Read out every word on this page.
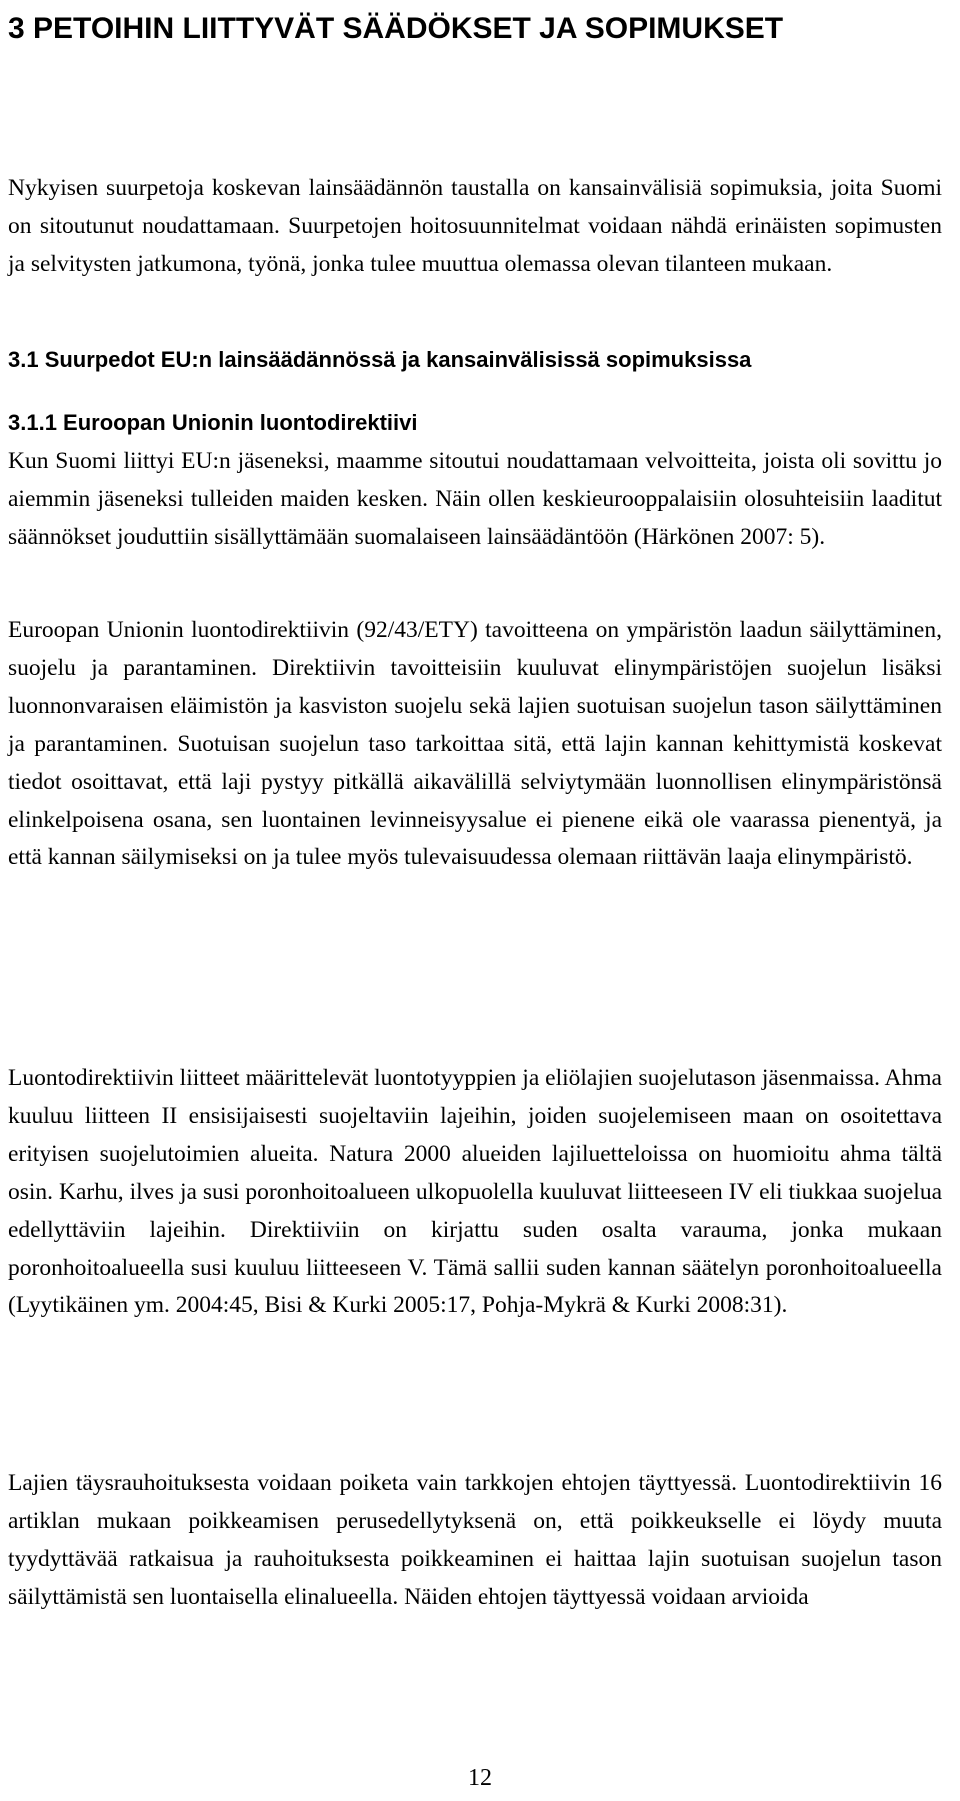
3 PETOIHIN LIITTYVÄT SÄÄDÖKSET JA SOPIMUKSET

Nykyisen suurpetoja koskevan lainsäädännön taustalla on kansainvälisiä sopimuksia, joita Suomi on sitoutunut noudattamaan. Suurpetojen hoitosuunnitelmat voidaan nähdä erinäisten sopimusten ja selvitysten jatkumona, työnä, jonka tulee muuttua olemassa olevan tilanteen mukaan.

3.1 Suurpedot EU:n lainsäädännössä ja kansainvälisissä sopimuksissa
3.1.1 Euroopan Unionin luontodirektiivi

Kun Suomi liittyi EU:n jäseneksi, maamme sitoutui noudattamaan velvoitteita, joista oli sovittu jo aiemmin jäseneksi tulleiden maiden kesken. Näin ollen keskieurooppalaisiin olosuhteisiin laaditut säännökset jouduttiin sisällyttämään suomalaiseen lainsäädäntöön (Härkönen 2007: 5).

Euroopan Unionin luontodirektiivin (92/43/ETY) tavoitteena on ympäristön laadun säilyttäminen, suojelu ja parantaminen. Direktiivin tavoitteisiin kuuluvat elinympäristöjen suojelun lisäksi luonnonvaraisen eläimistön ja kasviston suojelu sekä lajien suotuisan suojelun tason säilyttäminen ja parantaminen. Suotuisan suojelun taso tarkoittaa sitä, että lajin kannan kehittymistä koskevat tiedot osoittavat, että laji pystyy pitkällä aikavälillä selviytymään luonnollisen elinympäristönsä elinkelpoisena osana, sen luontainen levinneisyysalue ei pienene eikä ole vaarassa pienentyä, ja että kannan säilymiseksi on ja tulee myös tulevaisuudessa olemaan riittävän laaja elinympäristö.

Luontodirektiivin liitteet määrittelevät luontotyyppien ja eliölajien suojelutason jäsenmaissa. Ahma kuuluu liitteen II ensisijaisesti suojeltaviin lajeihin, joiden suojelemiseen maan on osoitettava erityisen suojelutoimien alueita. Natura 2000 alueiden lajiluetteloissa on huomioitu ahma tältä osin. Karhu, ilves ja susi poronhoitoalueen ulkopuolella kuuluvat liitteeseen IV eli tiukkaa suojelua edellyttäviin lajeihin. Direktiiviin on kirjattu suden osalta varauma, jonka mukaan poronhoitoalueella susi kuuluu liitteeseen V. Tämä sallii suden kannan säätelyn poronhoitoalueella (Lyytikäinen ym. 2004:45, Bisi & Kurki 2005:17, Pohja-Mykrä & Kurki 2008:31).

Lajien täysrauhoituksesta voidaan poiketa vain tarkkojen ehtojen täyttyessä. Luontodirektiivin 16 artiklan mukaan poikkeamisen perusedellytyksenä on, että poikkeukselle ei löydy muuta tyydyttävää ratkaisua ja rauhoituksesta poikkeaminen ei haittaa lajin suotuisan suojelun tason säilyttämistä sen luontaisella elinalueella. Näiden ehtojen täyttyessä voidaan arvioida

12
